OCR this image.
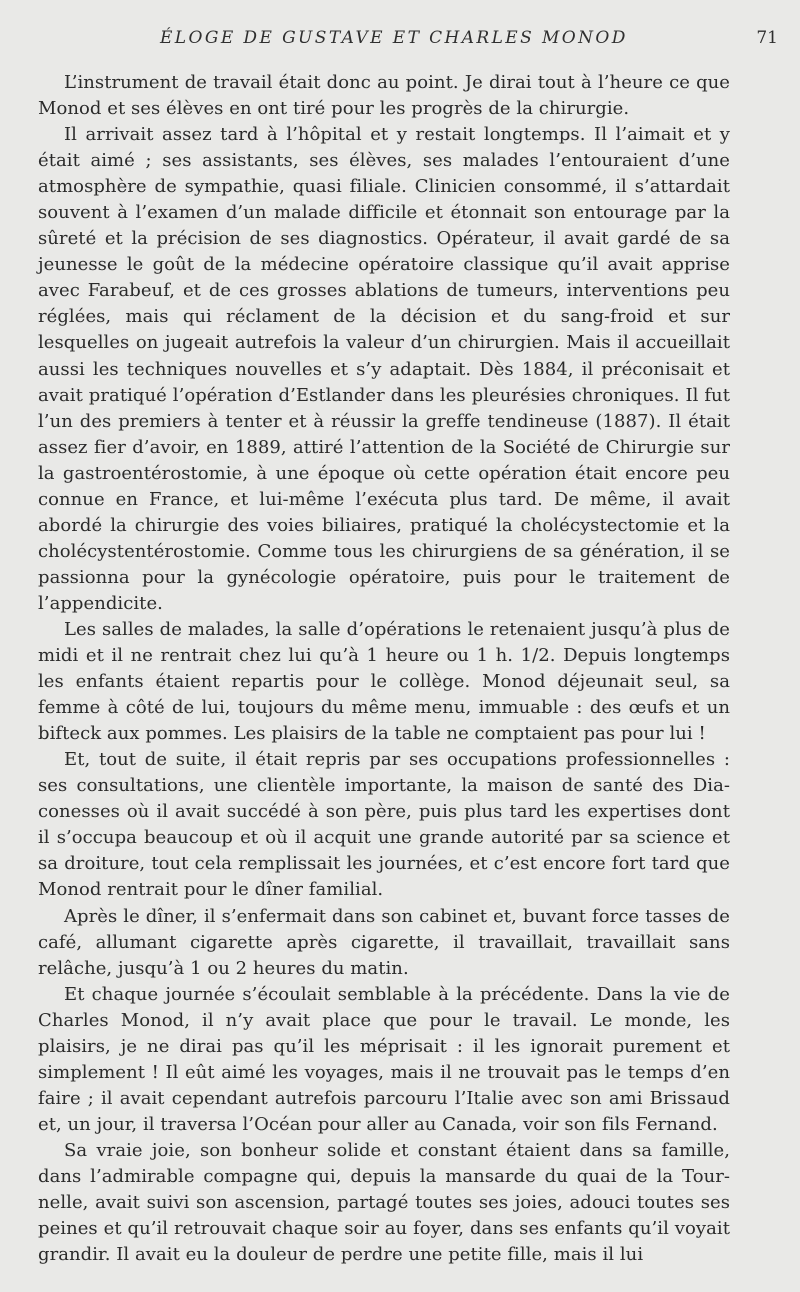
ÉLOGE DE GUSTAVE ET CHARLES MONOD	71

L’instrument de travail était donc au point. Je dirai tout à l’heure ce que Monod et ses élèves en ont tiré pour les progrès de la chirurgie.

Il arrivait assez tard à l’hôpital et y restait longtemps. Il l’aimait et y était aimé ; ses assistants, ses élèves, ses malades l’entouraient d’une atmosphère de sympathie, quasi filiale. Clinicien consommé, il s’attardait souvent à l’examen d’un malade difficile et étonnait son entourage par la sûreté et la précision de ses diagnostics. Opérateur, il avait gardé de sa jeunesse le goût de la médecine opératoire classique qu’il avait apprise avec Farabeuf, et de ces grosses ablations de tumeurs, interventions peu réglées, mais qui réclament de la décision et du sang-froid et sur lesquelles on jugeait autrefois la valeur d’un chirurgien. Mais il accueillait aussi les techniques nouvelles et s’y adaptait. Dès 1884, il préconisait et avait pratiqué l’opération d’Estlander dans les pleurésies chroniques. Il fut l’un des premiers à tenter et à réussir la greffe tendineuse (1887). Il était assez fier d’avoir, en 1889, attiré l’attention de la Société de Chirurgie sur la gastroentérostomie, à une époque où cette opération était encore peu connue en France, et lui-même l’exécuta plus tard. De même, il avait abordé la chirurgie des voies biliaires, pratiqué la cholécystectomie et la cholécystentérostomie. Comme tous les chirurgiens de sa génération, il se passionna pour la gynécologie opératoire, puis pour le traitement de l’appendicite.

Les salles de malades, la salle d’opérations le retenaient jusqu’à plus de midi et il ne rentrait chez lui qu’à 1 heure ou 1 h. 1/2. Depuis longtemps les enfants étaient repartis pour le collège. Monod déjeunait seul, sa femme à côté de lui, toujours du même menu, immuable : des œufs et un bifteck aux pommes. Les plaisirs de la table ne comptaient pas pour lui !

Et, tout de suite, il était repris par ses occupations professionnelles : ses consultations, une clientèle importante, la maison de santé des Diaconesses où il avait succédé à son père, puis plus tard les expertises dont il s’occupa beaucoup et où il acquit une grande autorité par sa science et sa droiture, tout cela remplissait les journées, et c’est encore fort tard que Monod rentrait pour le dîner familial.

Après le dîner, il s’enfermait dans son cabinet et, buvant force tasses de café, allumant cigarette après cigarette, il travaillait, travaillait sans relâche, jusqu’à 1 ou 2 heures du matin.

Et chaque journée s’écoulait semblable à la précédente. Dans la vie de Charles Monod, il n’y avait place que pour le travail. Le monde, les plaisirs, je ne dirai pas qu’il les méprisait : il les ignorait purement et simplement ! Il eût aimé les voyages, mais il ne trouvait pas le temps d’en faire ; il avait cependant autrefois parcouru l’Italie avec son ami Brissaud et, un jour, il traversa l’Océan pour aller au Canada, voir son fils Fernand.

Sa vraie joie, son bonheur solide et constant étaient dans sa famille, dans l’admirable compagne qui, depuis la mansarde du quai de la Tournelle, avait suivi son ascension, partagé toutes ses joies, adouci toutes ses peines et qu’il retrouvait chaque soir au foyer, dans ses enfants qu’il voyait grandir. Il avait eu la douleur de perdre une petite fille, mais il lui
